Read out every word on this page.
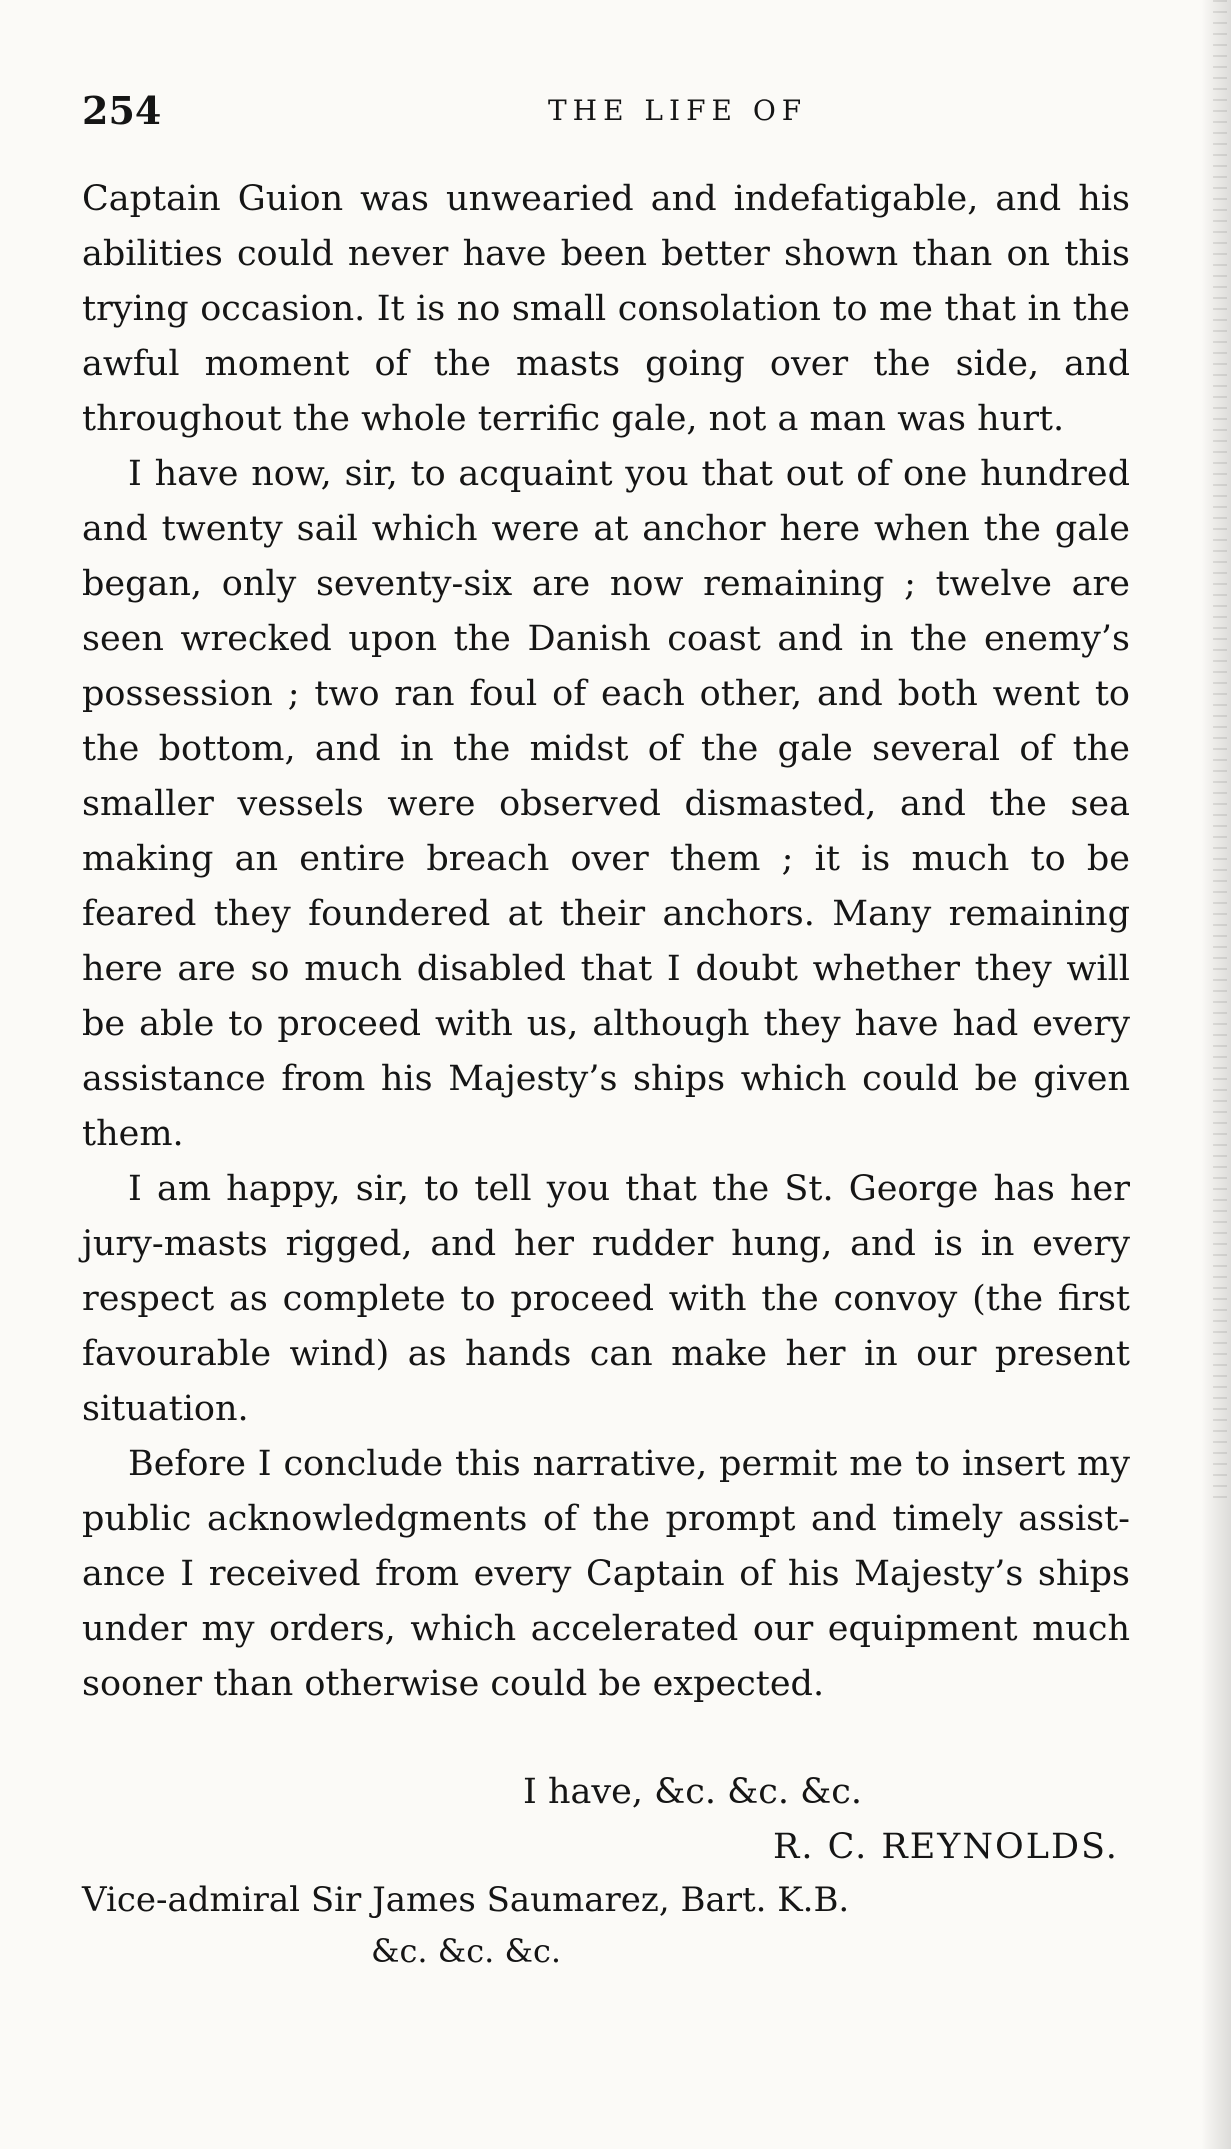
254	THE LIFE OF

Captain Guion was unwearied and indefatigable, and his abilities could never have been better shown than on this trying occasion. It is no small consolation to me that in the awful moment of the masts going over the side, and throughout the whole terrific gale, not a man was hurt.

I have now, sir, to acquaint you that out of one hundred and twenty sail which were at anchor here when the gale began, only seventy-six are now remaining ; twelve are seen wrecked upon the Danish coast and in the enemy’s possession ; two ran foul of each other, and both went to the bottom, and in the midst of the gale several of the smaller vessels were observed dismasted, and the sea making an entire breach over them ; it is much to be feared they foundered at their anchors. Many remaining here are so much disabled that I doubt whether they will be able to proceed with us, although they have had every assistance from his Majesty’s ships which could be given them.

I am happy, sir, to tell you that the St. George has her jury-masts rigged, and her rudder hung, and is in every respect as complete to proceed with the convoy (the first favourable wind) as hands can make her in our present situation.

Before I conclude this narrative, permit me to insert my public acknowledgments of the prompt and timely assistance I received from every Captain of his Majesty’s ships under my orders, which accelerated our equipment much sooner than otherwise could be expected.

I have, &c. &c. &c.
R. C. REYNOLDS.
Vice-admiral Sir James Saumarez, Bart. K.B.
&c. &c. &c.
